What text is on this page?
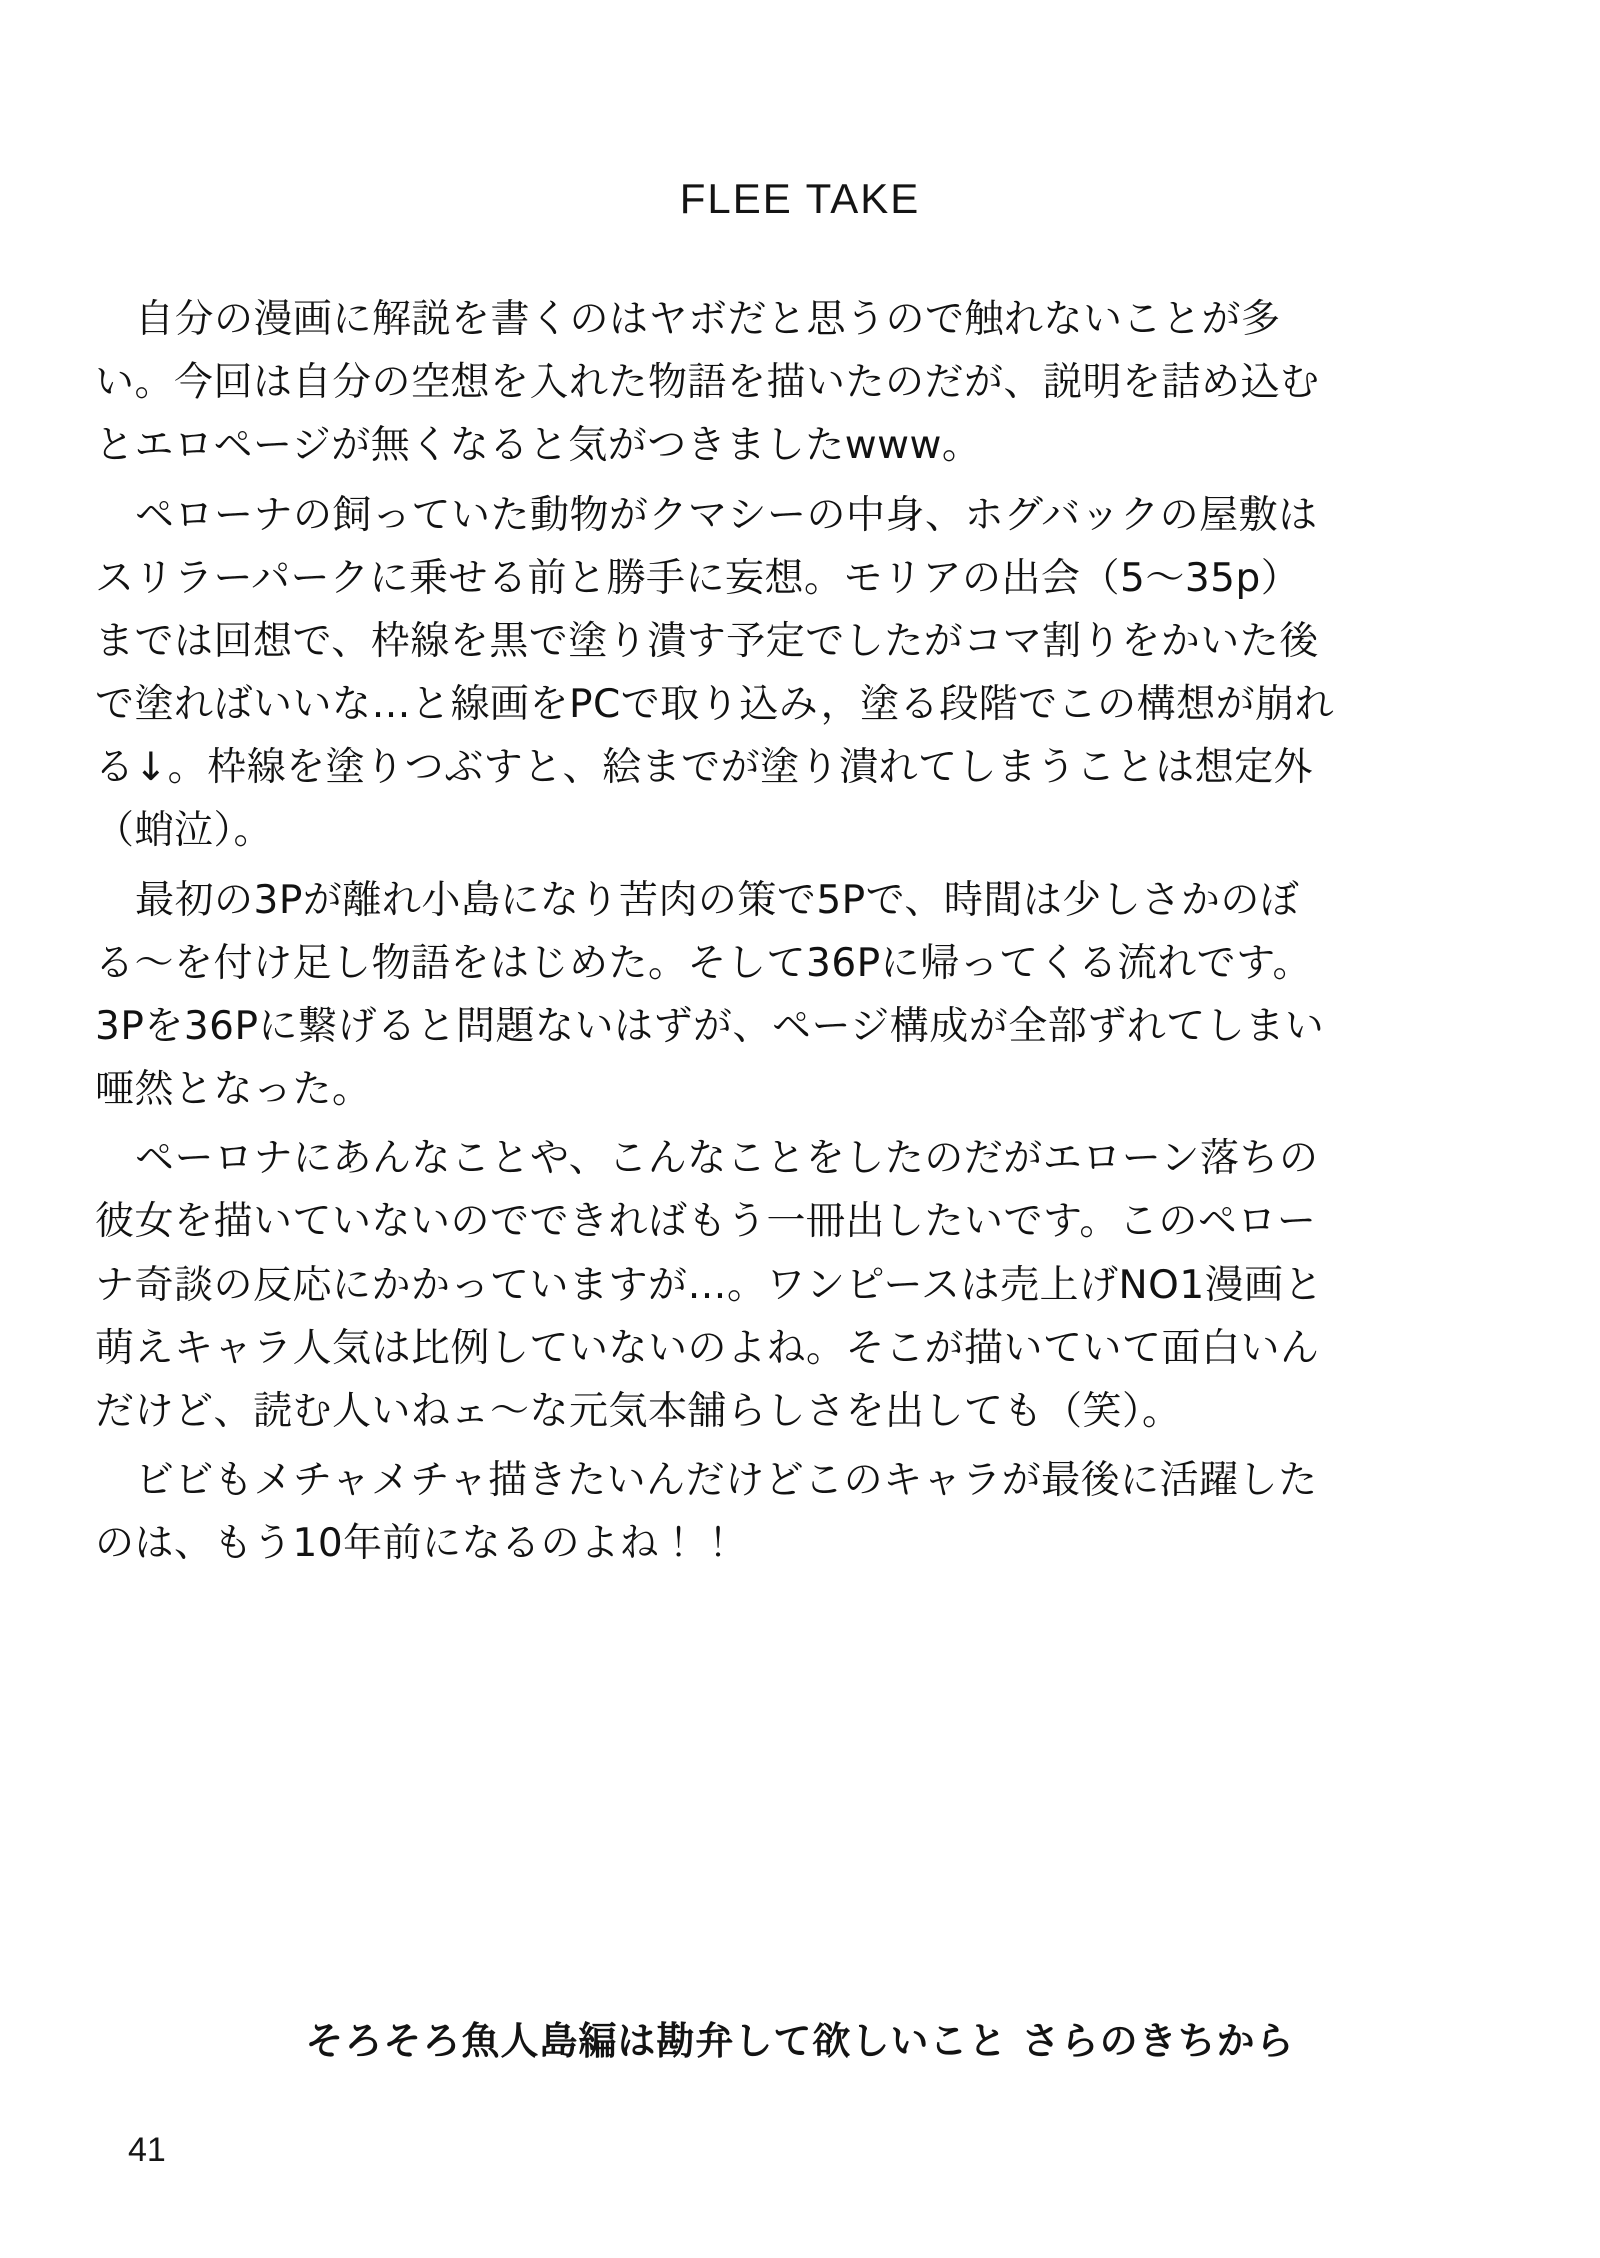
FLEE TAKE

自分の漫画に解説を書くのはヤボだと思うので触れないことが多い。今回は自分の空想を入れた物語を描いたのだが、説明を詰め込むとエロページが無くなると気がつきましたwww。

ペローナの飼っていた動物がクマシーの中身、ホグバックの屋敷はスリラーパークに乗せる前と勝手に妄想。モリアの出会（5〜35p）までは回想で、枠線を黒で塗り潰す予定でしたがコマ割りをかいた後で塗ればいいな…と線画をPCで取り込み，塗る段階でこの構想が崩れる↓。枠線を塗りつぶすと、絵までが塗り潰れてしまうことは想定外（蛸泣）。

最初の3Pが離れ小島になり苦肉の策で5Pで、時間は少しさかのぼる〜を付け足し物語をはじめた。そして36Pに帰ってくる流れです。3Pを36Pに繋げると問題ないはずが、ページ構成が全部ずれてしまい唖然となった。

ペーロナにあんなことや、こんなことをしたのだがエローン落ちの彼女を描いていないのでできればもう一冊出したいです。このペローナ奇談の反応にかかっていますが…。ワンピースは売上げNO1漫画と萌えキャラ人気は比例していないのよね。そこが描いていて面白いんだけど、読む人いねェ〜な元気本舗らしさを出しても（笑）。

ビビもメチャメチャ描きたいんだけどこのキャラが最後に活躍したのは、もう10年前になるのよね！！

そろそろ魚人島編は勘弁して欲しいこと さらのきちから
41
